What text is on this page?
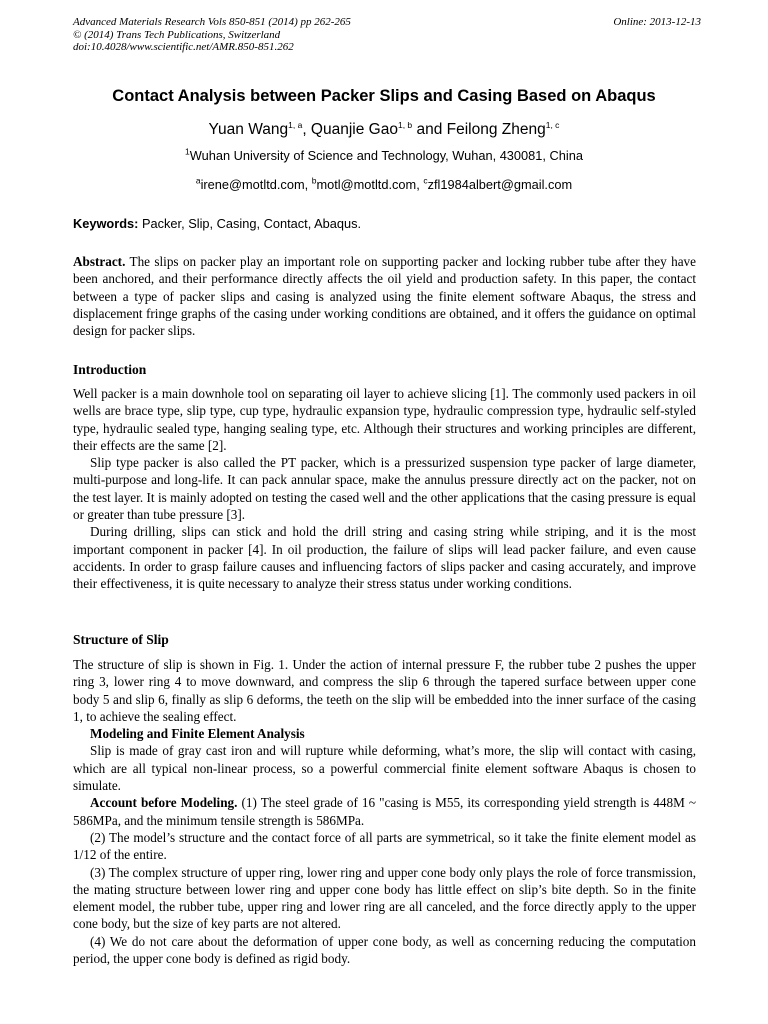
Advanced Materials Research Vols 850-851 (2014) pp 262-265
© (2014) Trans Tech Publications, Switzerland
doi:10.4028/www.scientific.net/AMR.850-851.262
Online: 2013-12-13
Contact Analysis between Packer Slips and Casing Based on Abaqus
Yuan Wang$^{1, a}$, Quanjie Gao$^{1, b}$ and Feilong Zheng$^{1, c}$
$^1$Wuhan University of Science and Technology, Wuhan, 430081, China
$^a$irene@motltd.com, $^b$motl@motltd.com, $^c$zfl1984albert@gmail.com
Keywords: Packer, Slip, Casing, Contact, Abaqus.

Abstract. The slips on packer play an important role on supporting packer and locking rubber tube after they have been anchored, and their performance directly affects the oil yield and production safety. In this paper, the contact between a type of packer slips and casing is analyzed using the finite element software Abaqus, the stress and displacement fringe graphs of the casing under working conditions are obtained, and it offers the guidance on optimal design for packer slips.

Introduction

Well packer is a main downhole tool on separating oil layer to achieve slicing [1]. The commonly used packers in oil wells are brace type, slip type, cup type, hydraulic expansion type, hydraulic compression type, hydraulic self-styled type, hydraulic sealed type, hanging sealing type, etc. Although their structures and working principles are different, their effects are the same [2].

Slip type packer is also called the PT packer, which is a pressurized suspension type packer of large diameter, multi-purpose and long-life. It can pack annular space, make the annulus pressure directly act on the packer, not on the test layer. It is mainly adopted on testing the cased well and the other applications that the casing pressure is equal or greater than tube pressure [3].

During drilling, slips can stick and hold the drill string and casing string while striping, and it is the most important component in packer [4]. In oil production, the failure of slips will lead packer failure, and even cause accidents. In order to grasp failure causes and influencing factors of slips packer and casing accurately, and improve their effectiveness, it is quite necessary to analyze their stress status under working conditions.

Structure of Slip

The structure of slip is shown in Fig. 1. Under the action of internal pressure F, the rubber tube 2 pushes the upper ring 3, lower ring 4 to move downward, and compress the slip 6 through the tapered surface between upper cone body 5 and slip 6, finally as slip 6 deforms, the teeth on the slip will be embedded into the inner surface of the casing 1, to achieve the sealing effect.

Modeling and Finite Element Analysis

Slip is made of gray cast iron and will rupture while deforming, what’s more, the slip will contact with casing, which are all typical non-linear process, so a powerful commercial finite element software Abaqus is chosen to simulate.

Account before Modeling. (1) The steel grade of 16 "casing is M55, its corresponding yield strength is 448M ~ 586MPa, and the minimum tensile strength is 586MPa.

(2) The model’s structure and the contact force of all parts are symmetrical, so it take the finite element model as 1/12 of the entire.

(3) The complex structure of upper ring, lower ring and upper cone body only plays the role of force transmission, the mating structure between lower ring and upper cone body has little effect on slip’s bite depth. So in the finite element model, the rubber tube, upper ring and lower ring are all canceled, and the force directly apply to the upper cone body, but the size of key parts are not altered.

(4) We do not care about the deformation of upper cone body, as well as concerning reducing the computation period, the upper cone body is defined as rigid body.
